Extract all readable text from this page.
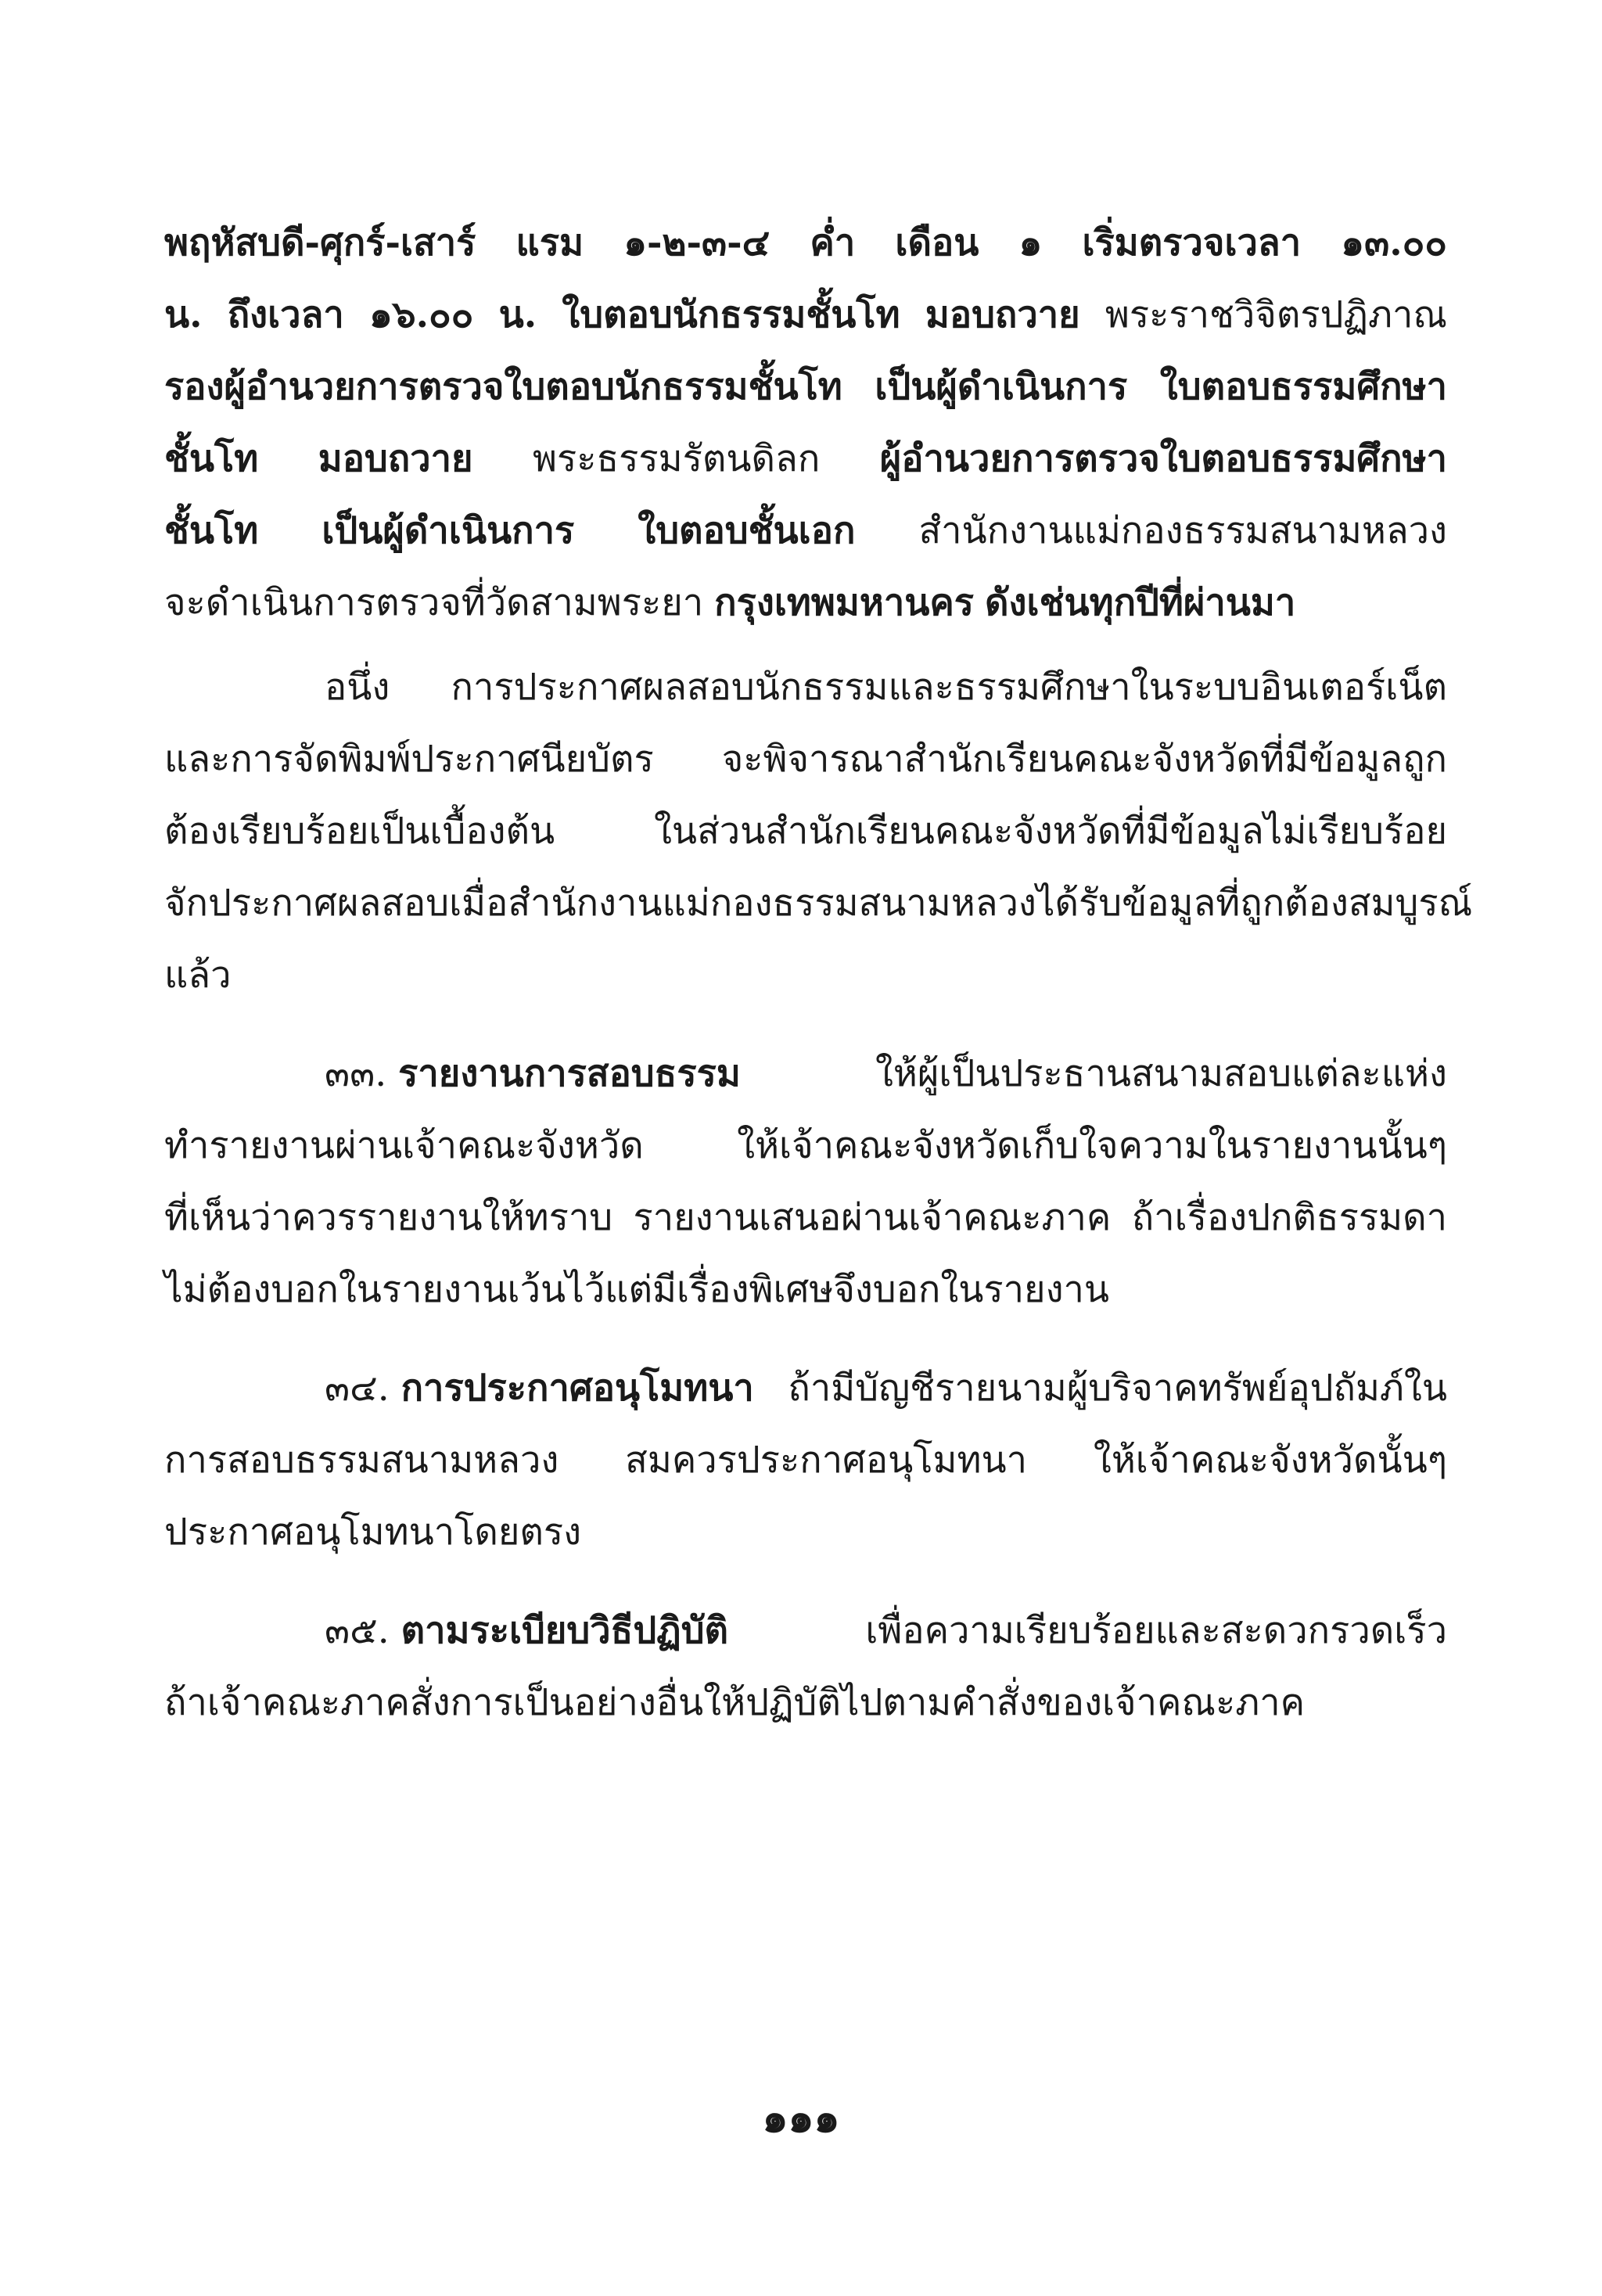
พฤหัสบดี-ศุกร์-เสาร์ แรม ๑-๒-๓-๔ ค่ำ เดือน ๑ เริ่มตรวจเวลา ๑๓.๐๐
น. ถึงเวลา ๑๖.๐๐ น. ใบตอบนักธรรมชั้นโท มอบถวาย พระราชวิจิตรปฏิภาณ
รองผู้อำนวยการตรวจใบตอบนักธรรมชั้นโท เป็นผู้ดำเนินการ ใบตอบธรรมศึกษา
ชั้นโท มอบถวาย พระธรรมรัตนดิลก ผู้อำนวยการตรวจใบตอบธรรมศึกษา
ชั้นโท เป็นผู้ดำเนินการ ใบตอบชั้นเอก สำนักงานแม่กองธรรมสนามหลวง
จะดำเนินการตรวจที่วัดสามพระยา กรุงเทพมหานคร ดังเช่นทุกปีที่ผ่านมา
อนึ่ง การประกาศผลสอบนักธรรมและธรรมศึกษาในระบบอินเตอร์เน็ต
และการจัดพิมพ์ประกาศนียบัตร จะพิจารณาสำนักเรียนคณะจังหวัดที่มีข้อมูลถูก
ต้องเรียบร้อยเป็นเบื้องต้น	ในส่วนสำนักเรียนคณะจังหวัดที่มีข้อมูลไม่เรียบร้อย
จักประกาศผลสอบเมื่อสำนักงานแม่กองธรรมสนามหลวงได้รับข้อมูลที่ถูกต้องสมบูรณ์
แล้ว
๓๓. รายงานการสอบธรรม	ให้ผู้เป็นประธานสนามสอบแต่ละแห่ง
ทำรายงานผ่านเจ้าคณะจังหวัด	ให้เจ้าคณะจังหวัดเก็บใจความในรายงานนั้นๆ
ที่เห็นว่าควรรายงานให้ทราบ รายงานเสนอผ่านเจ้าคณะภาค ถ้าเรื่องปกติธรรมดา
ไม่ต้องบอกในรายงานเว้นไว้แต่มีเรื่องพิเศษจึงบอกในรายงาน
๓๔. การประกาศอนุโมทนา ถ้ามีบัญชีรายนามผู้บริจาคทรัพย์อุปถัมภ์ใน
การสอบธรรมสนามหลวง สมควรประกาศอนุโมทนา ให้เจ้าคณะจังหวัดนั้นๆ
ประกาศอนุโมทนาโดยตรง
๓๕. ตามระเบียบวิธีปฏิบัติ	เพื่อความเรียบร้อยและสะดวกรวดเร็ว
ถ้าเจ้าคณะภาคสั่งการเป็นอย่างอื่นให้ปฏิบัติไปตามคำสั่งของเจ้าคณะภาค
๑๑๑
